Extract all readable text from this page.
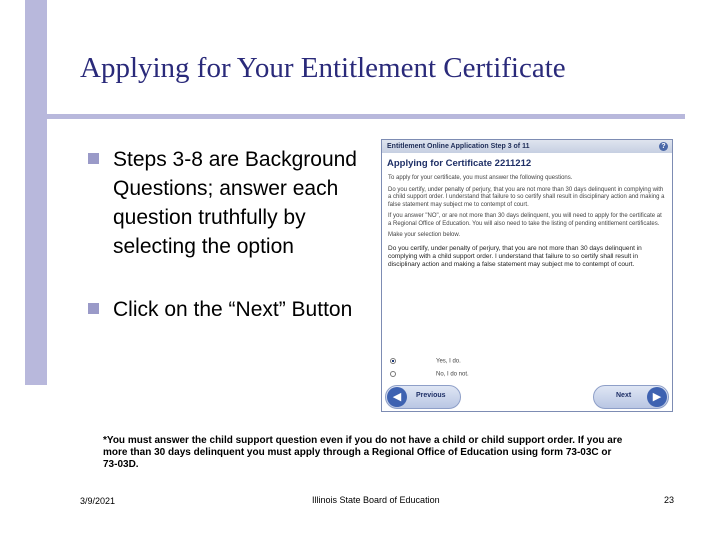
Applying for Your Entitlement Certificate
Steps 3-8 are Background Questions; answer each question truthfully by selecting the option
Click on the “Next” Button
Entitlement Online Application Step 3 of 11	?
Applying for Certificate 2211212
To apply for your certificate, you must answer the following questions.
Do you certify, under penalty of perjury, that you are not more than 30 days delinquent in complying with a child support order. I understand that failure to so certify shall result in disciplinary action and making a false statement may subject me to contempt of court.
If you answer "NO", or are not more than 30 days delinquent, you will need to apply for the certificate at a Regional Office of Education. You will also need to take the listing of pending entitlement certificates.
Make your selection below.
Do you certify, under penalty of perjury, that you are not more than 30 days delinquent in complying with a child support order. I understand that failure to so certify shall result in disciplinary action and making a false statement may subject me to contempt of court.
Yes, I do.
No, I do not.
◀	Previous	Next	▶
*You must answer the child support question even if you do not have a child or child support order. If you are more than 30 days delinquent you must apply through a Regional Office of Education using form 73-03C or 73-03D.
3/9/2021	Illinois State Board of Education	23
